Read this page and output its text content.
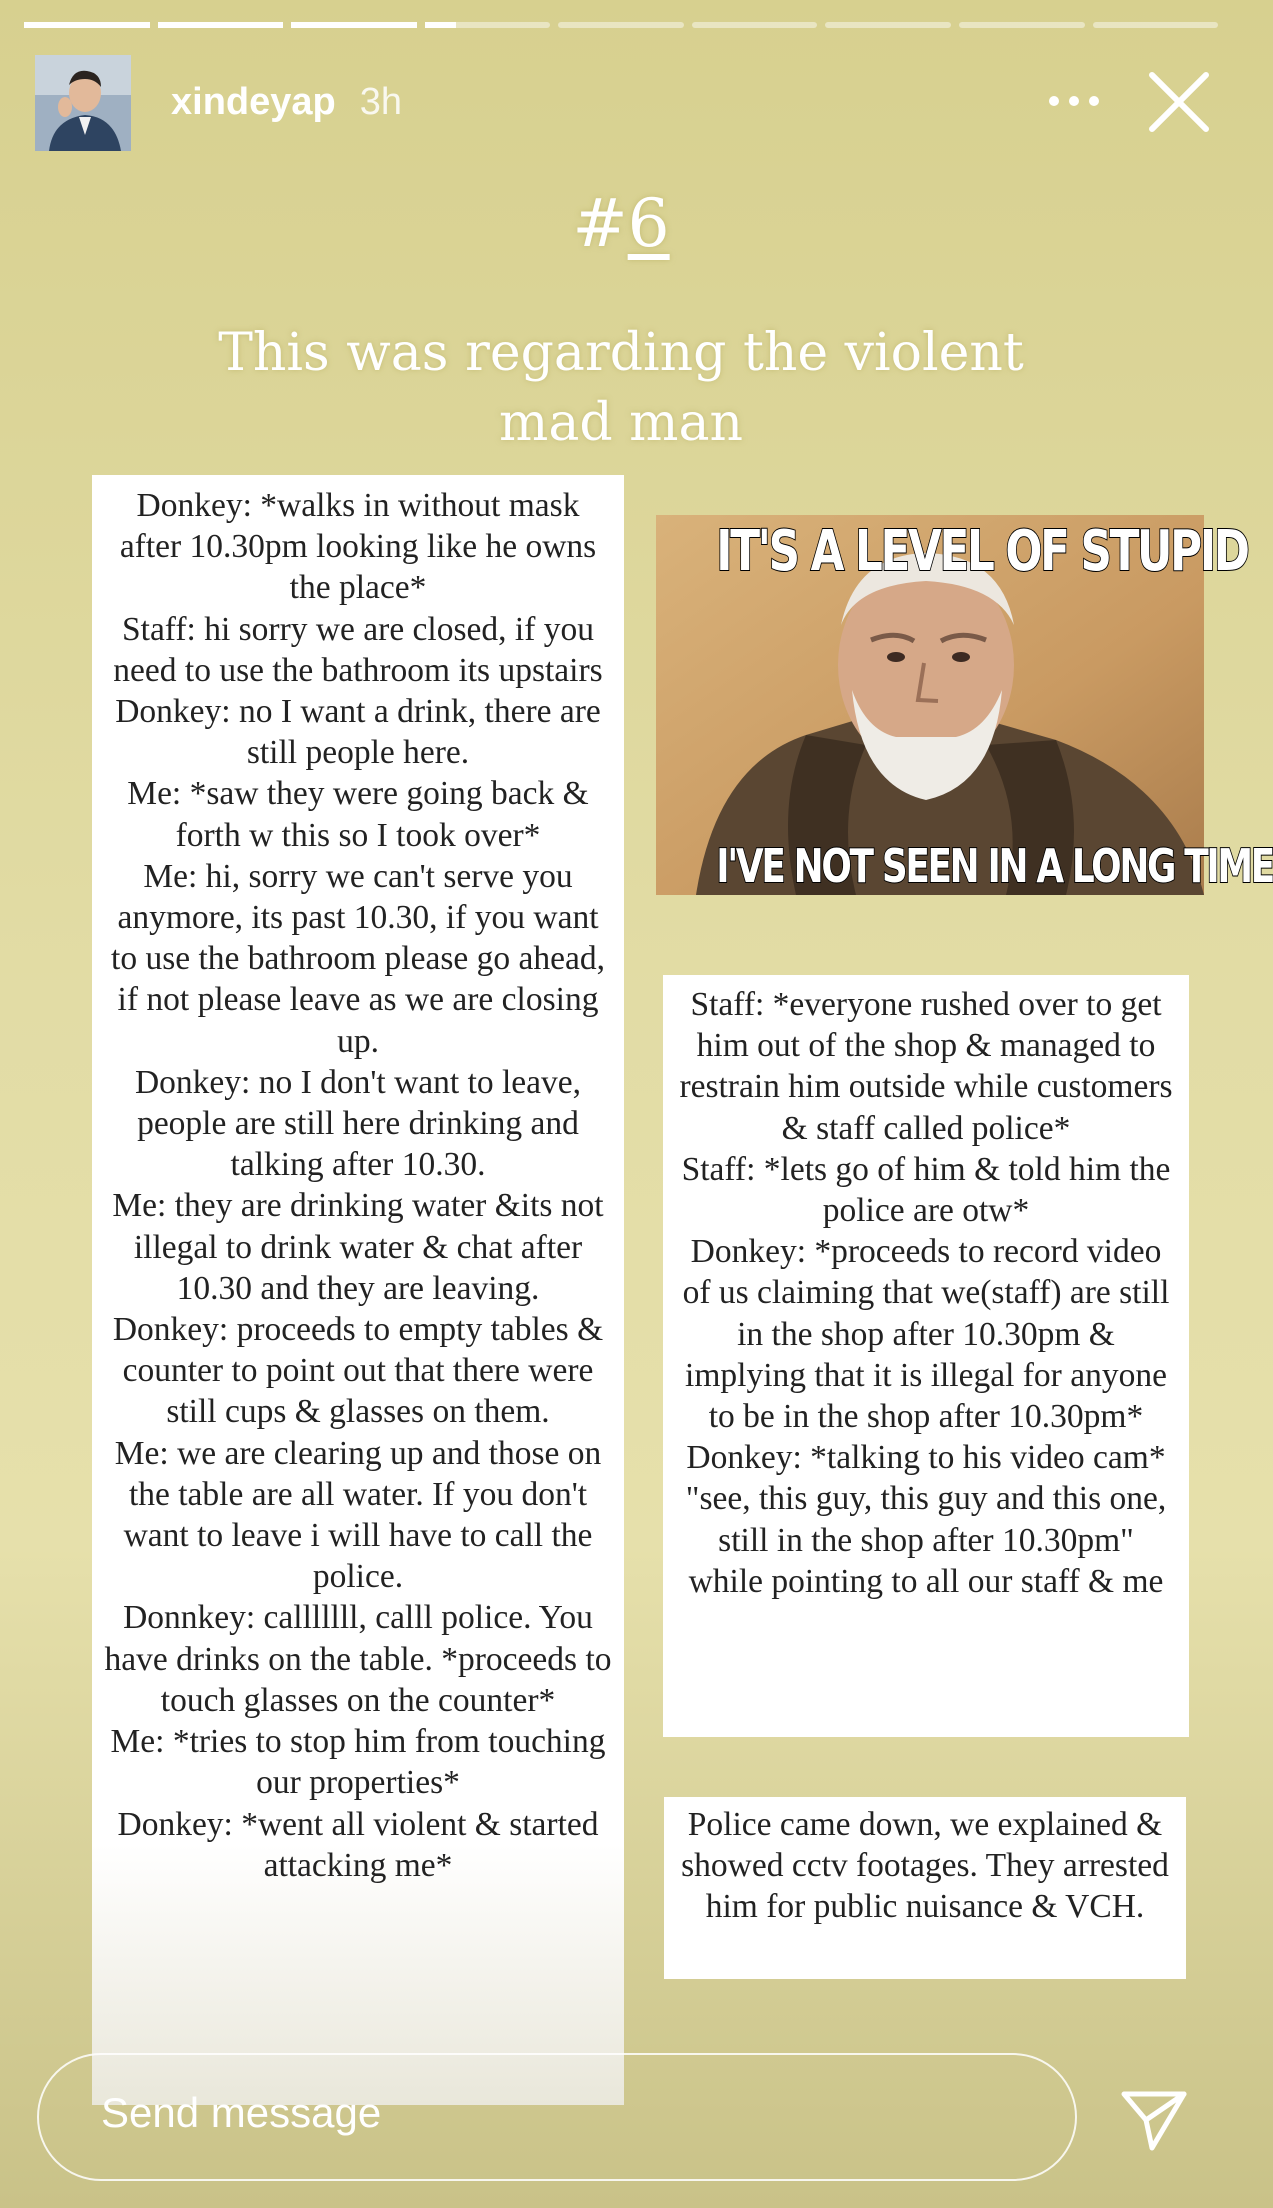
xindeyap 3h
#6
This was regarding the violent mad man
Donkey: *walks in without mask after 10.30pm looking like he owns the place*
Staff: hi sorry we are closed, if you need to use the bathroom its upstairs
Donkey: no I want a drink, there are still people here.
Me: *saw they were going back & forth w this so I took over*
Me: hi, sorry we can't serve you anymore, its past 10.30, if you want to use the bathroom please go ahead, if not please leave as we are closing up.
Donkey: no I don't want to leave, people are still here drinking and talking after 10.30.
Me: they are drinking water &its not illegal to drink water & chat after 10.30 and they are leaving.
Donkey: proceeds to empty tables & counter to point out that there were still cups & glasses on them.
Me: we are clearing up and those on the table are all water. If you don't want to leave i will have to call the police.
Donnkey: calllllll, calll police. You have drinks on the table. *proceeds to touch glasses on the counter*
Me: *tries to stop him from touching our properties*
Donkey: *went all violent & started attacking me*
IT'S A LEVEL OF STUPID
I'VE NOT SEEN IN A LONG TIME
Staff: *everyone rushed over to get him out of the shop & managed to restrain him outside while customers & staff called police*
Staff: *lets go of him & told him the police are otw*
Donkey: *proceeds to record video of us claiming that we(staff) are still in the shop after 10.30pm & implying that it is illegal for anyone to be in the shop after 10.30pm*
Donkey: *talking to his video cam* "see, this guy, this guy and this one, still in the shop after 10.30pm" while pointing to all our staff & me
Police came down, we explained & showed cctv footages. They arrested him for public nuisance & VCH.
Send message
